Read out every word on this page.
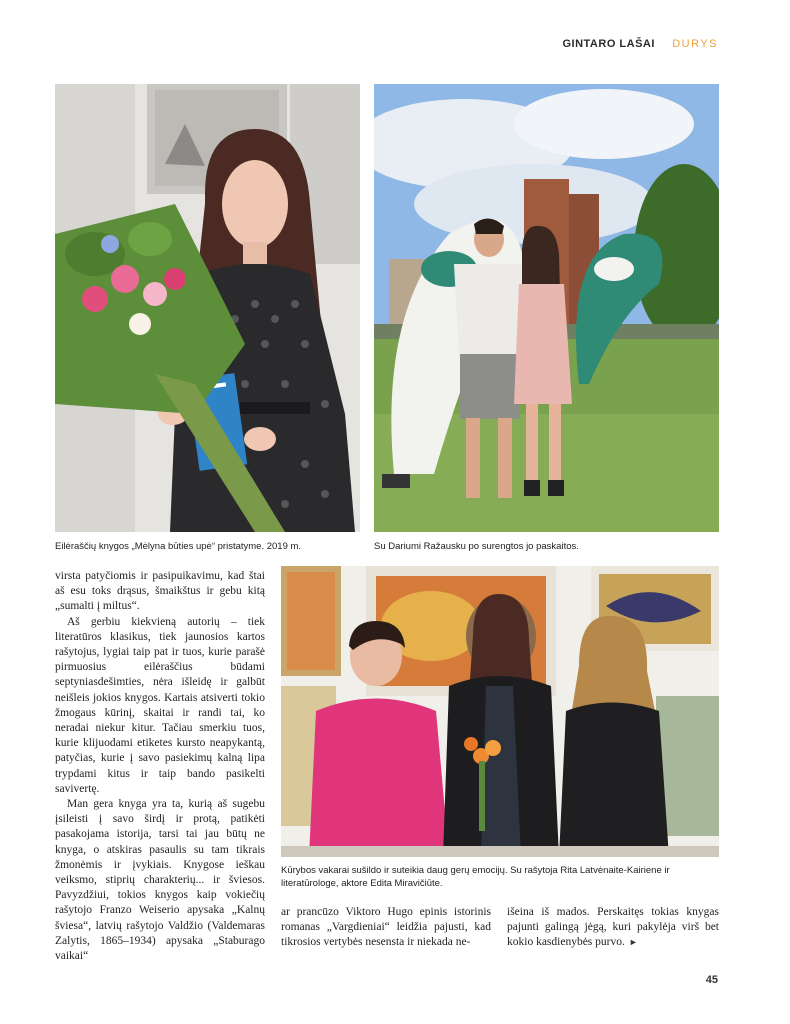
GINTARO LAŠAI DURYS
Eilėraščių knygos „Mėlyna būties upė“ pristatyme. 2019 m.	Su Dariumi Ražausku po surengtos jo paskaitos.
Kūrybos vakarai sušildo ir suteikia daug gerų emocijų. Su rašytoja Rita Latvėnaite-Kairiene ir literatūrologe, aktore Edita Miravičiūte.

virsta patyčiomis ir pasipuikavimu, kad štai aš esu toks drąsus, šmaikštus ir gebu kitą „sumalti į miltus“.

Aš gerbiu kiekvieną autorių – tiek literatūros klasikus, tiek jaunosios kartos rašytojus, lygiai taip pat ir tuos, kurie parašė pirmuosius eilėraščius būdami septyniasdešimties, nėra išleidę ir galbūt neišleis jokios knygos. Kartais atsiverti tokio žmogaus kūrinį, skaitai ir randi tai, ko neradai niekur kitur. Tačiau smerkiu tuos, kurie klijuodami etiketes kursto neapykantą, patyčias, kurie į savo pasiekimų kalną lipa trypdami kitus ir taip bando pasikelti savivertę.

Man gera knyga yra ta, kurią aš sugebu įsileisti į savo širdį ir protą, patikėti pasakojama istorija, tarsi tai jau būtų ne knyga, o atskiras pasaulis su tam tikrais žmonėmis ir įvykiais. Knygose ieškau veiksmo, stiprių charakterių... ir šviesos. Pavyzdžiui, tokios knygos kaip vokiečių rašytojo Franzo Weiserio apysaka „Kalnų šviesa“, latvių rašytojo Valdžio (Valdemaras Zalytis, 1865–1934) apysaka „Staburago vaikai“

ar prancūzo Viktoro Hugo epinis istorinis romanas „Vargdieniai“ leidžia pajusti, kad tikrosios vertybės nesensta ir niekada ne-

išeina iš mados. Perskaitęs tokias knygas pajunti galingą jėgą, kuri pakylėja virš bet kokio kasdienybės purvo. ►

45
